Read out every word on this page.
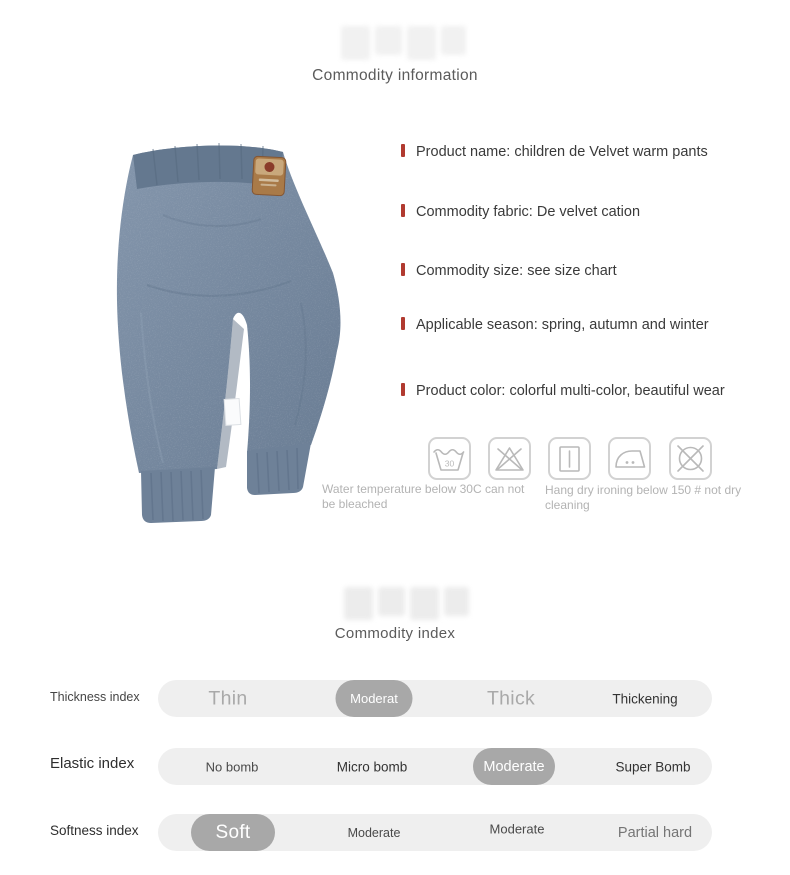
Commodity information
Product name: children de Velvet warm pants
Commodity fabric: De velvet cation
Commodity size: see size chart
Applicable season: spring, autumn and winter
Product color: colorful multi-color, beautiful wear
30
Water temperature below 30C can not be bleached
Hang dry ironing below 150 # not dry cleaning
Commodity index
Thickness index	Thin	Moderat	Thick	Thickening
Elastic index	No bomb	Micro bomb	Moderate	Super Bomb
Softness index	Soft	Moderate	Moderate	Partial hard
